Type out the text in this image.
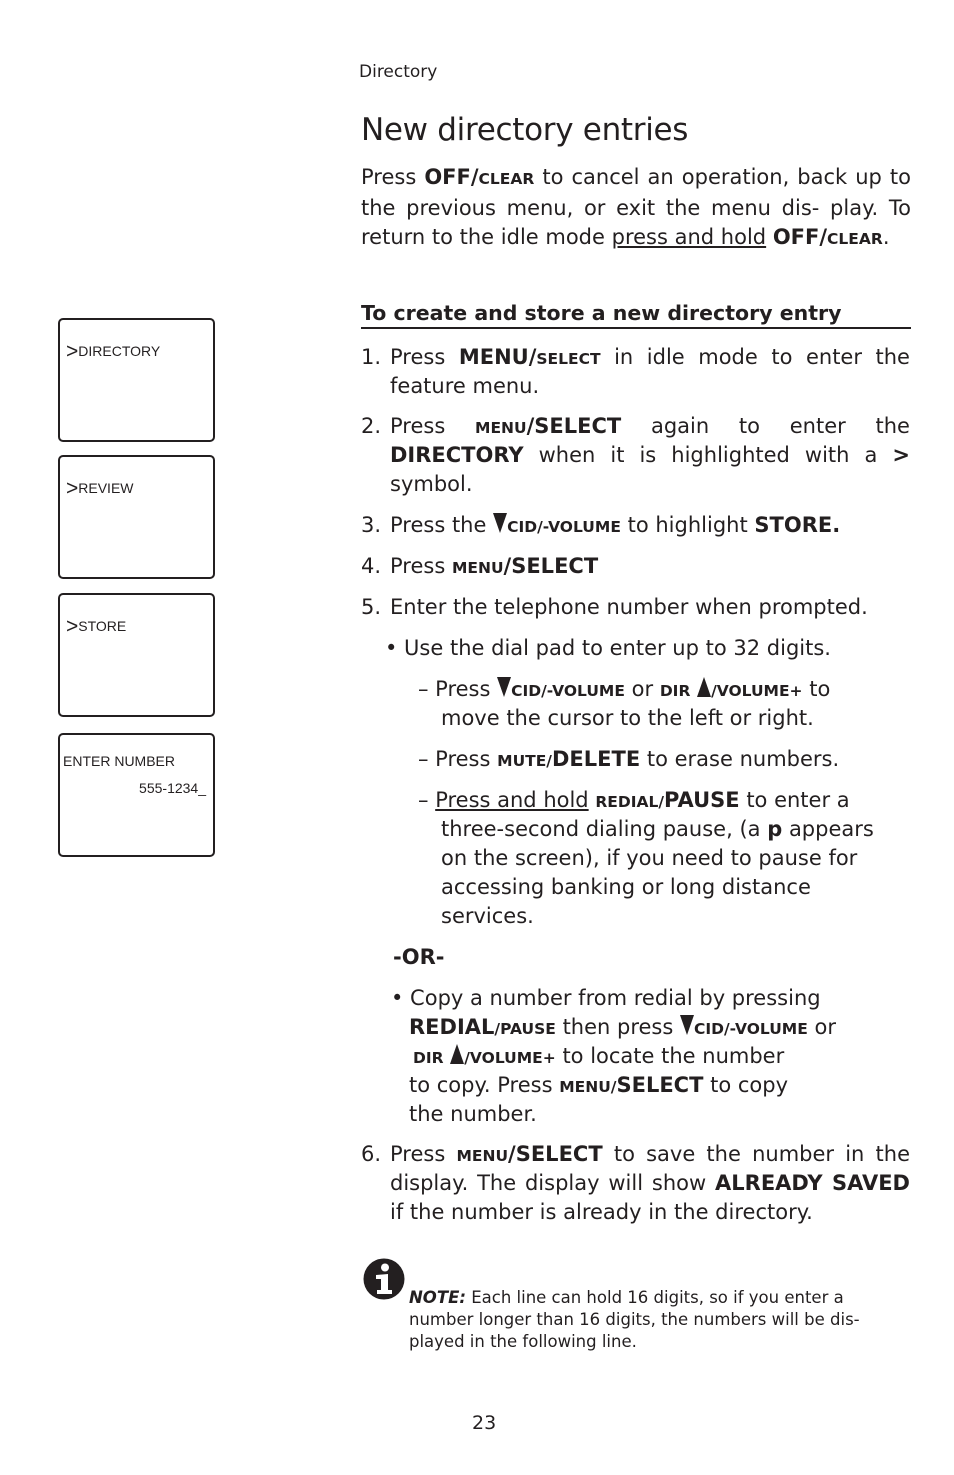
Directory
New directory entries
Press OFF/CLEAR to cancel an operation, back up to the previous menu, or exit the menu dis- play. To return to the idle mode press and hold OFF/CLEAR.
To create and store a new directory entry
1. Press MENU/SELECT in idle mode to enter the
feature menu.
2. Press MENU/SELECT again to enter the
DIRECTORY when it is highlighted with a >
symbol.
3. Press the CID/-VOLUME to highlight STORE.
4. Press MENU/SELECT
5. Enter the telephone number when prompted.
• Use the dial pad to enter up to 32 digits.
– Press CID/-VOLUME or DIR /VOLUME+ to
move the cursor to the left or right.
– Press MUTE/DELETE to erase numbers.
– Press and hold REDIAL/PAUSE to enter a
three-second dialing pause, (a p appears
on the screen), if you need to pause for
accessing banking or long distance
services.
-OR-
• Copy a number from redial by pressing
REDIAL/PAUSE then press CID/-VOLUME or
DIR /VOLUME+ to locate the number
to copy. Press MENU/SELECT to copy
the number.
6. Press MENU/SELECT to save the number in the
display. The display will show ALREADY SAVED
if the number is already in the directory.
>DIRECTORY
>REVIEW
>STORE
ENTER NUMBER
555-1234_
NOTE: Each line can hold 16 digits, so if you enter a number longer than 16 digits, the numbers will be dis-played in the following line.
23
